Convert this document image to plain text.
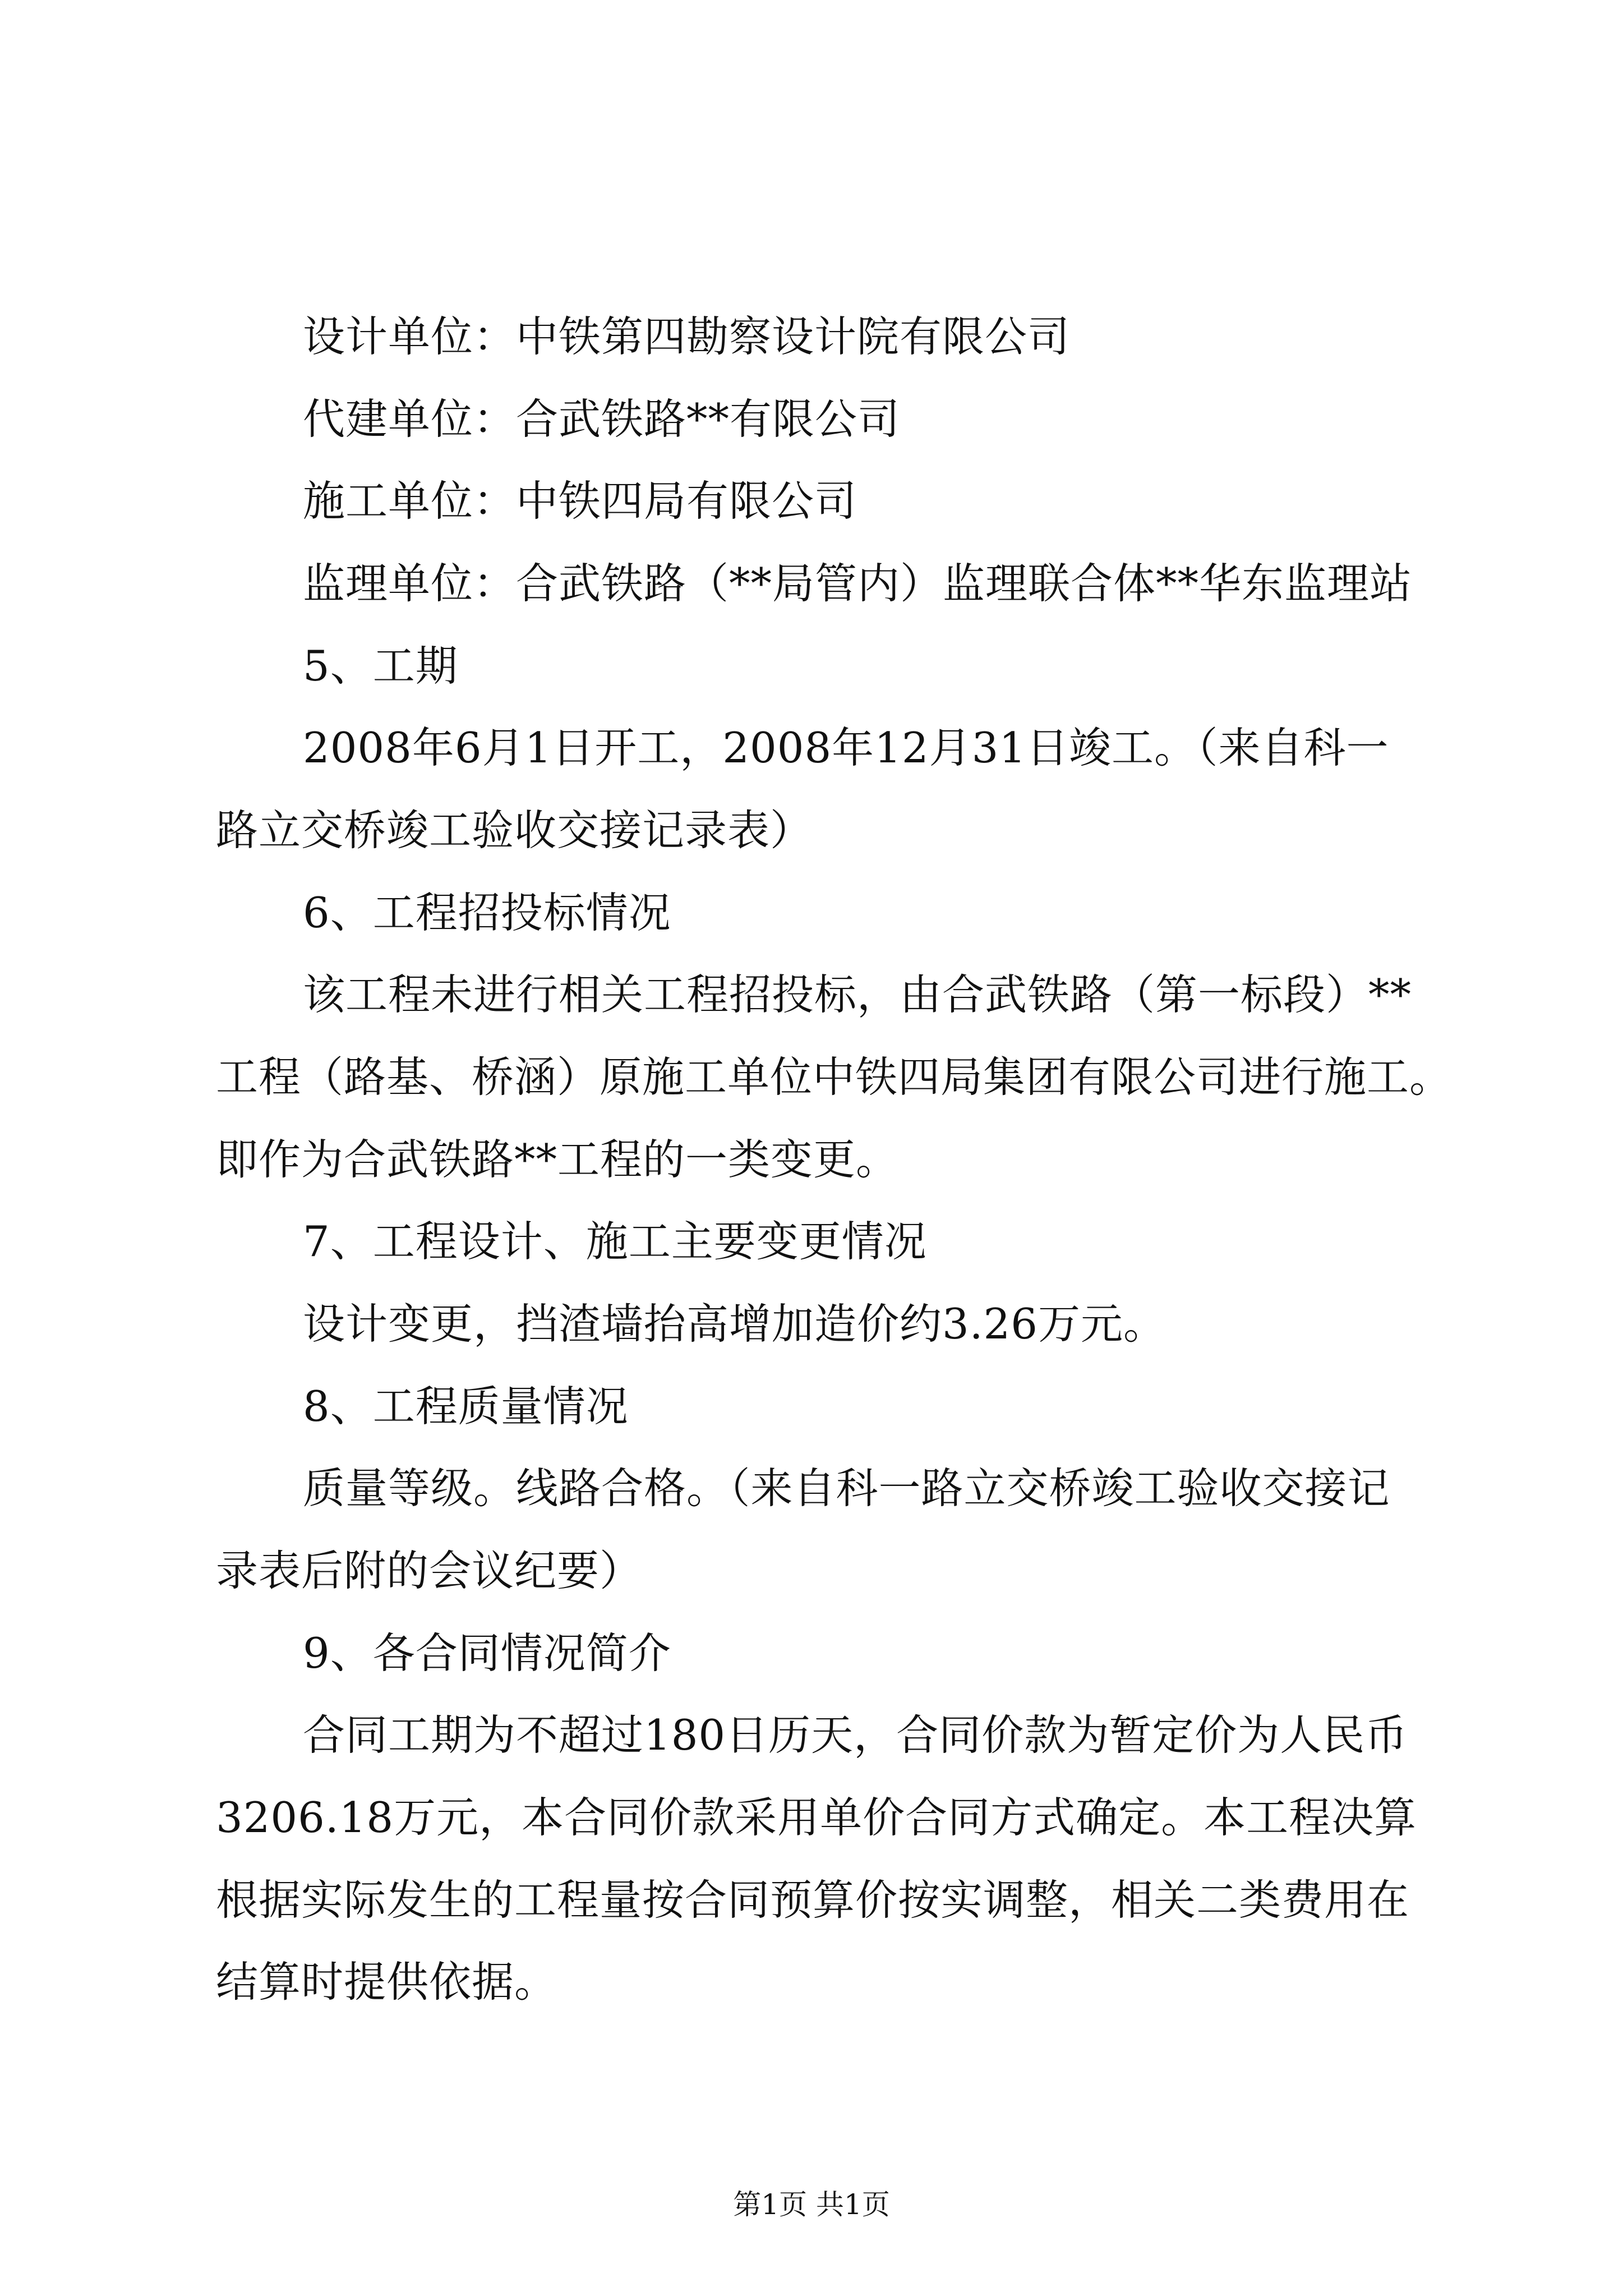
设计单位：中铁第四勘察设计院有限公司
代建单位：合武铁路**有限公司
施工单位：中铁四局有限公司
监理单位：合武铁路（**局管内）监理联合体**华东监理站
5、工期
2008年6月1日开工，2008年12月31日竣工。（来自科一
路立交桥竣工验收交接记录表）
6、工程招投标情况
该工程未进行相关工程招投标，由合武铁路（第一标段）**
工程（路基、桥涵）原施工单位中铁四局集团有限公司进行施工。
即作为合武铁路**工程的一类变更。
7、工程设计、施工主要变更情况
设计变更，挡渣墙抬高增加造价约3.26万元。
8、工程质量情况
质量等级。线路合格。（来自科一路立交桥竣工验收交接记
录表后附的会议纪要）
9、各合同情况简介
合同工期为不超过180日历天，合同价款为暂定价为人民币
3206.18万元，本合同价款采用单价合同方式确定。本工程决算
根据实际发生的工程量按合同预算价按实调整，相关二类费用在
结算时提供依据。
第1页 共1页
